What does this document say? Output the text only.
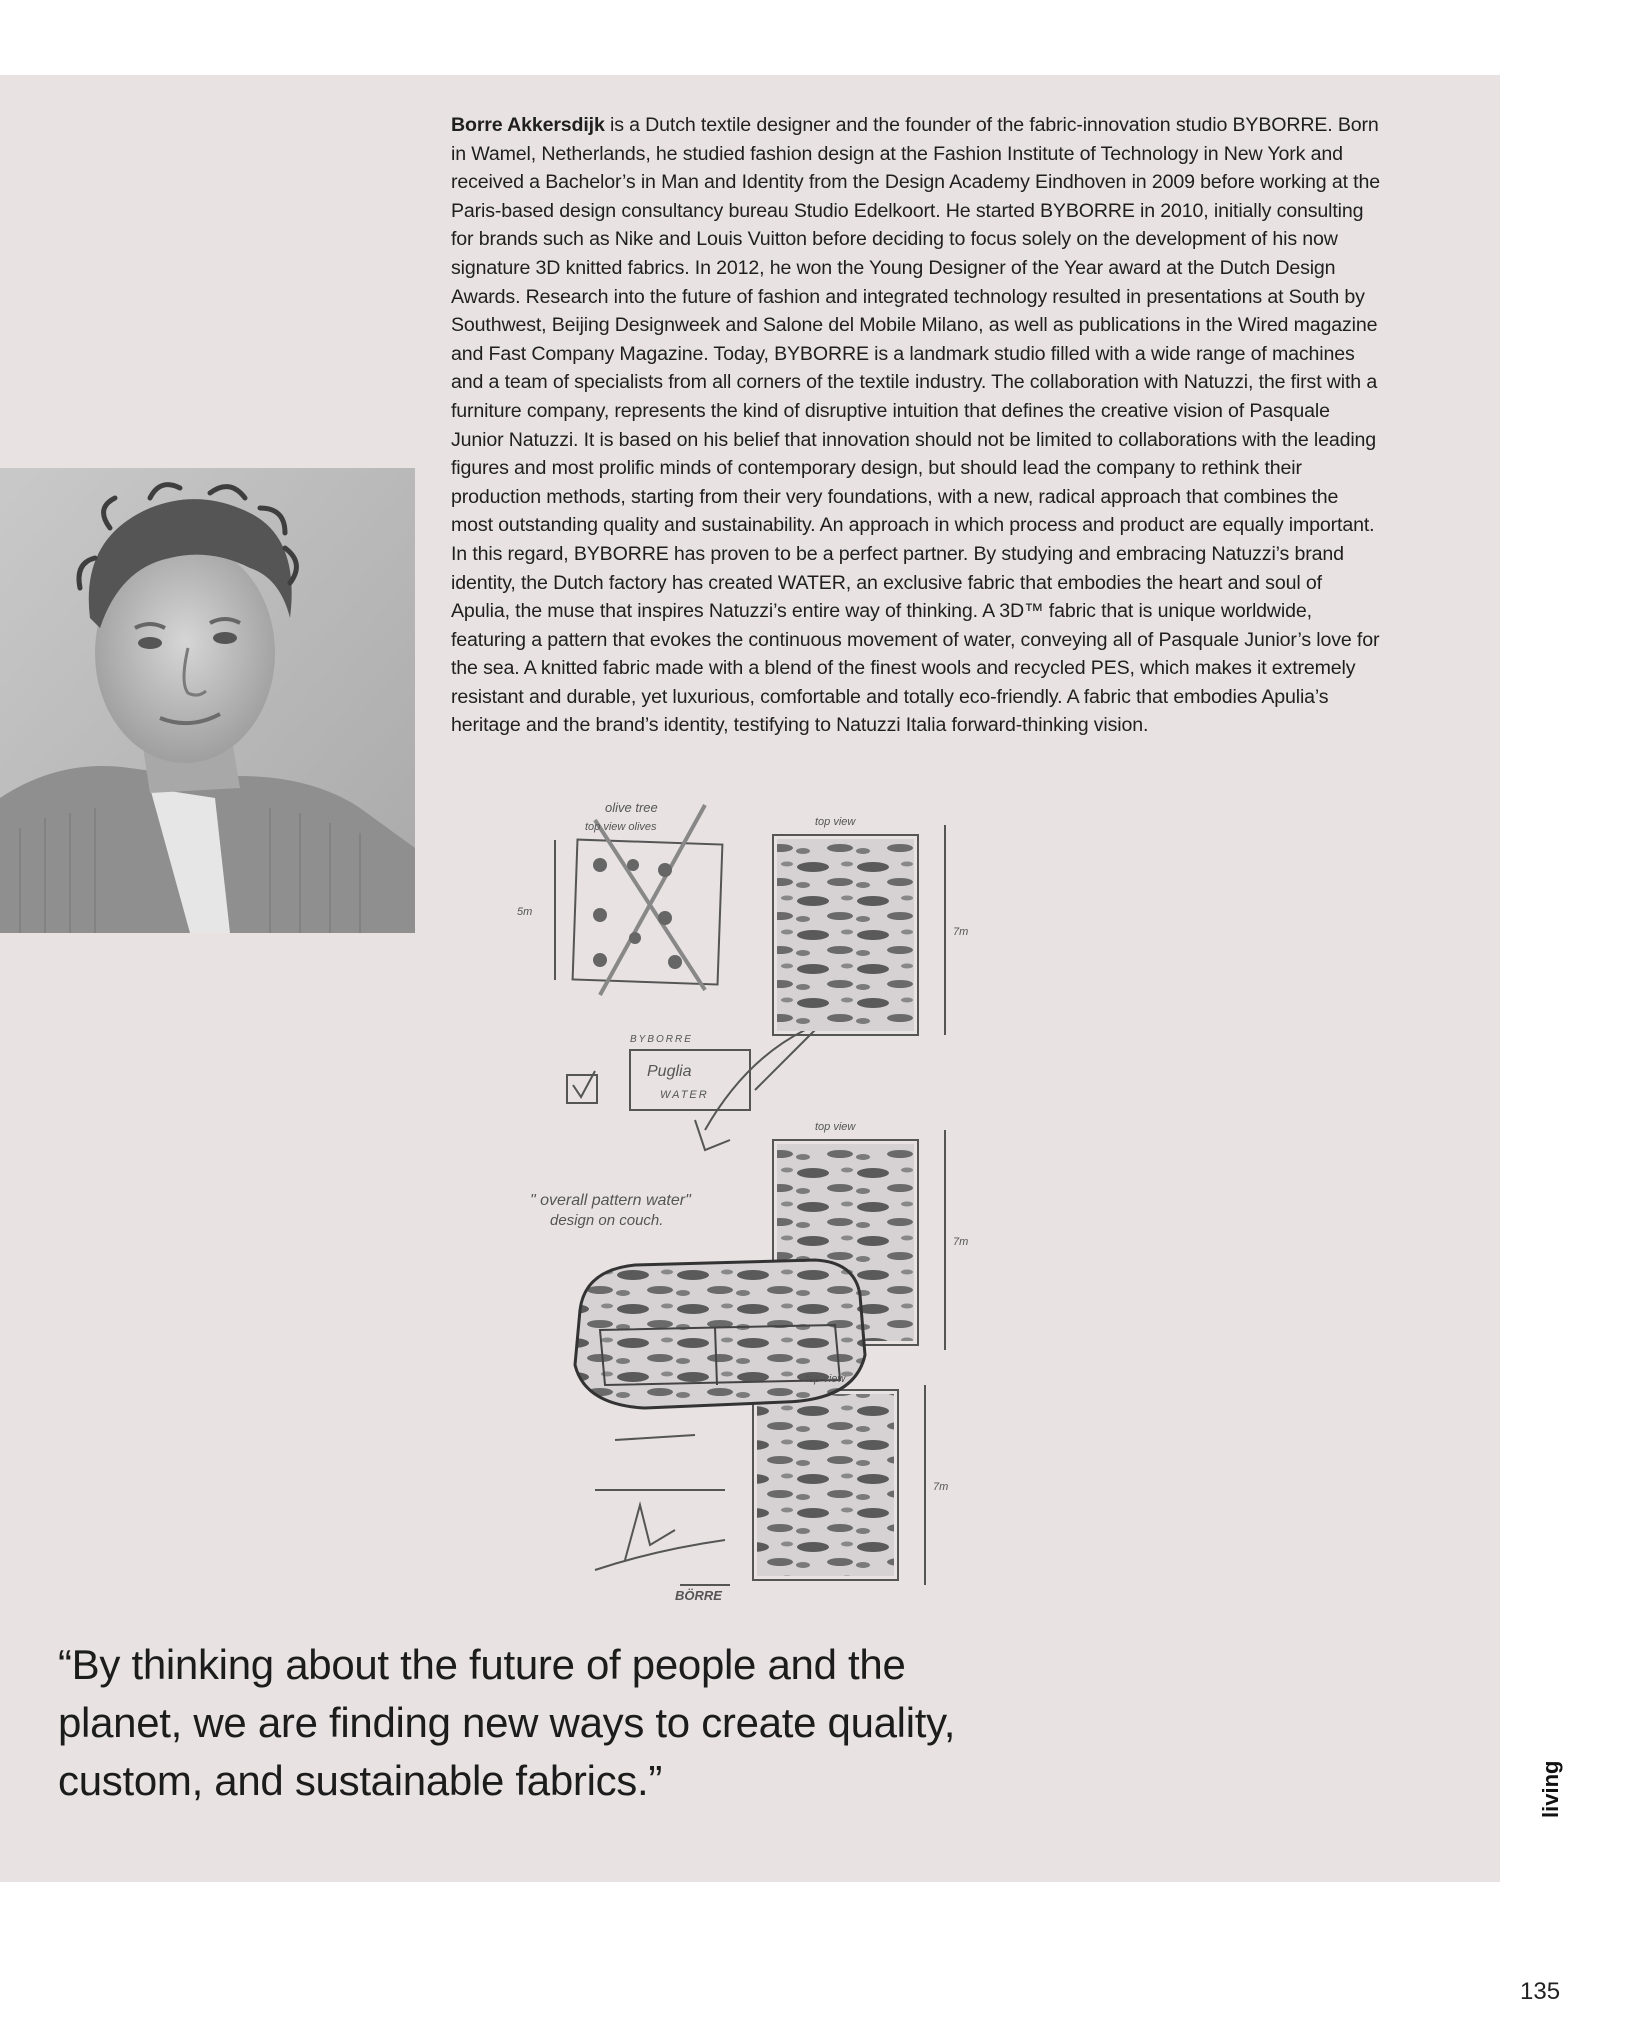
Borre Akkersdijk is a Dutch textile designer and the founder of the fabric-innovation studio BYBORRE. Born in Wamel, Netherlands, he studied fashion design at the Fashion Institute of Technology in New York and received a Bachelor’s in Man and Identity from the Design Academy Eindhoven in 2009 before working at the Paris-based design consultancy bureau Studio Edelkoort. He started BYBORRE in 2010, initially consulting for brands such as Nike and Louis Vuitton before deciding to focus solely on the development of his now signature 3D knitted fabrics. In 2012, he won the Young Designer of the Year award at the Dutch Design Awards. Research into the future of fashion and integrated technology resulted in presentations at South by Southwest, Beijing Designweek and Salone del Mobile Milano, as well as publications in the Wired magazine and Fast Company Magazine. Today, BYBORRE is a landmark studio filled with a wide range of machines and a team of specialists from all corners of the textile industry. The collaboration with Natuzzi, the first with a furniture company, represents the kind of disruptive intuition that defines the creative vision of Pasquale Junior Natuzzi. It is based on his belief that innovation should not be limited to collaborations with the leading figures and most prolific minds of contemporary design, but should lead the company to rethink their production methods, starting from their very foundations, with a new, radical approach that combines the most outstanding quality and sustainability. An approach in which process and product are equally important. In this regard, BYBORRE has proven to be a perfect partner. By studying and embracing Natuzzi’s brand identity, the Dutch factory has created WATER, an exclusive fabric that embodies the heart and soul of Apulia, the muse that inspires Natuzzi’s entire way of thinking. A 3D™ fabric that is unique worldwide, featuring a pattern that evokes the continuous movement of water, conveying all of Pasquale Junior’s love for the sea. A knitted fabric made with a blend of the finest wools and recycled PES, which makes it extremely resistant and durable, yet luxurious, comfortable and totally eco-friendly. A fabric that embodies Apulia’s heritage and the brand’s identity, testifying to Natuzzi Italia forward-thinking vision.

olive tree
top view olives	top view
top view
top view
5m
7m
7m
7m
BYBORRE
Puglia
WATER
" overall pattern water"
design on couch.
BÖRRE

“By thinking about the future of people and the planet, we are finding new ways to create quality, custom, and sustainable fabrics.”	living
135
